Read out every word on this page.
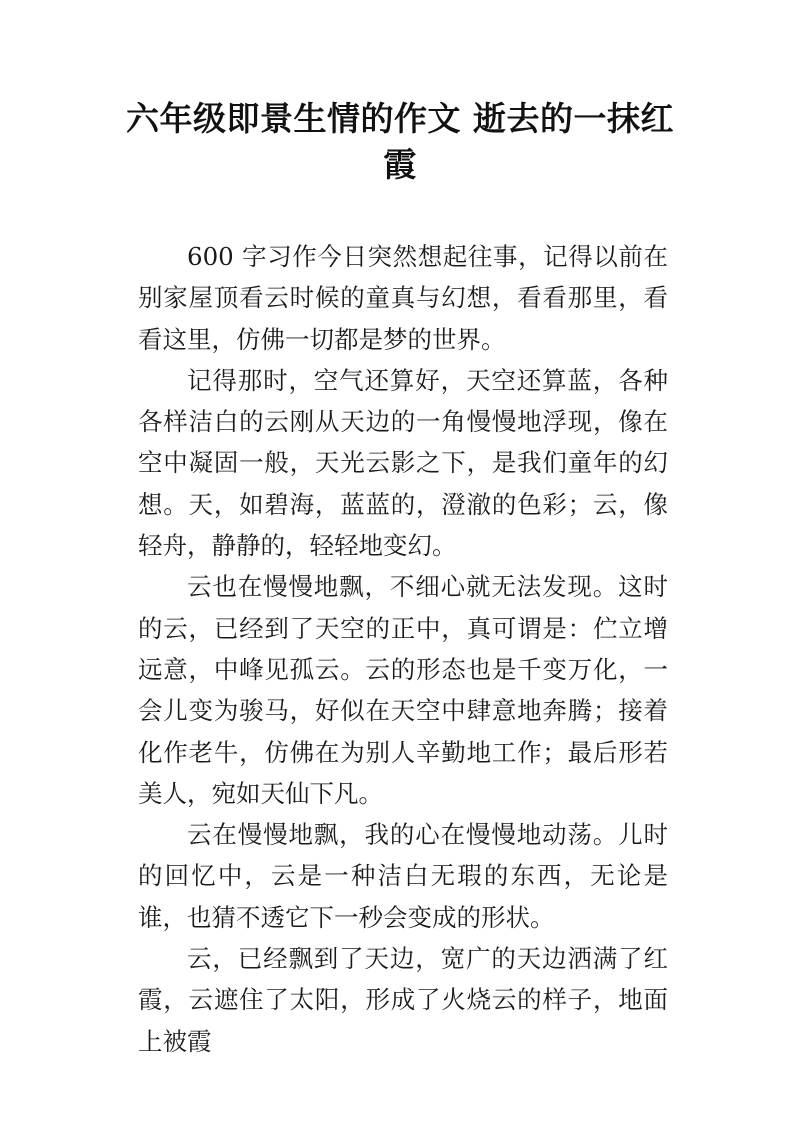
六年级即景生情的作文 逝去的一抹红霞

600 字习作今日突然想起往事，记得以前在别家屋顶看云时候的童真与幻想，看看那里，看看这里，仿佛一切都是梦的世界。

记得那时，空气还算好，天空还算蓝，各种各样洁白的云刚从天边的一角慢慢地浮现，像在空中凝固一般，天光云影之下，是我们童年的幻想。天，如碧海，蓝蓝的，澄澈的色彩；云，像轻舟，静静的，轻轻地变幻。

云也在慢慢地飘，不细心就无法发现。这时的云，已经到了天空的正中，真可谓是：伫立增远意，中峰见孤云。云的形态也是千变万化，一会儿变为骏马，好似在天空中肆意地奔腾；接着化作老牛，仿佛在为别人辛勤地工作；最后形若美人，宛如天仙下凡。

云在慢慢地飘，我的心在慢慢地动荡。儿时的回忆中，云是一种洁白无瑕的东西，无论是谁，也猜不透它下一秒会变成的形状。

云，已经飘到了天边，宽广的天边洒满了红霞，云遮住了太阳，形成了火烧云的样子，地面上被霞
